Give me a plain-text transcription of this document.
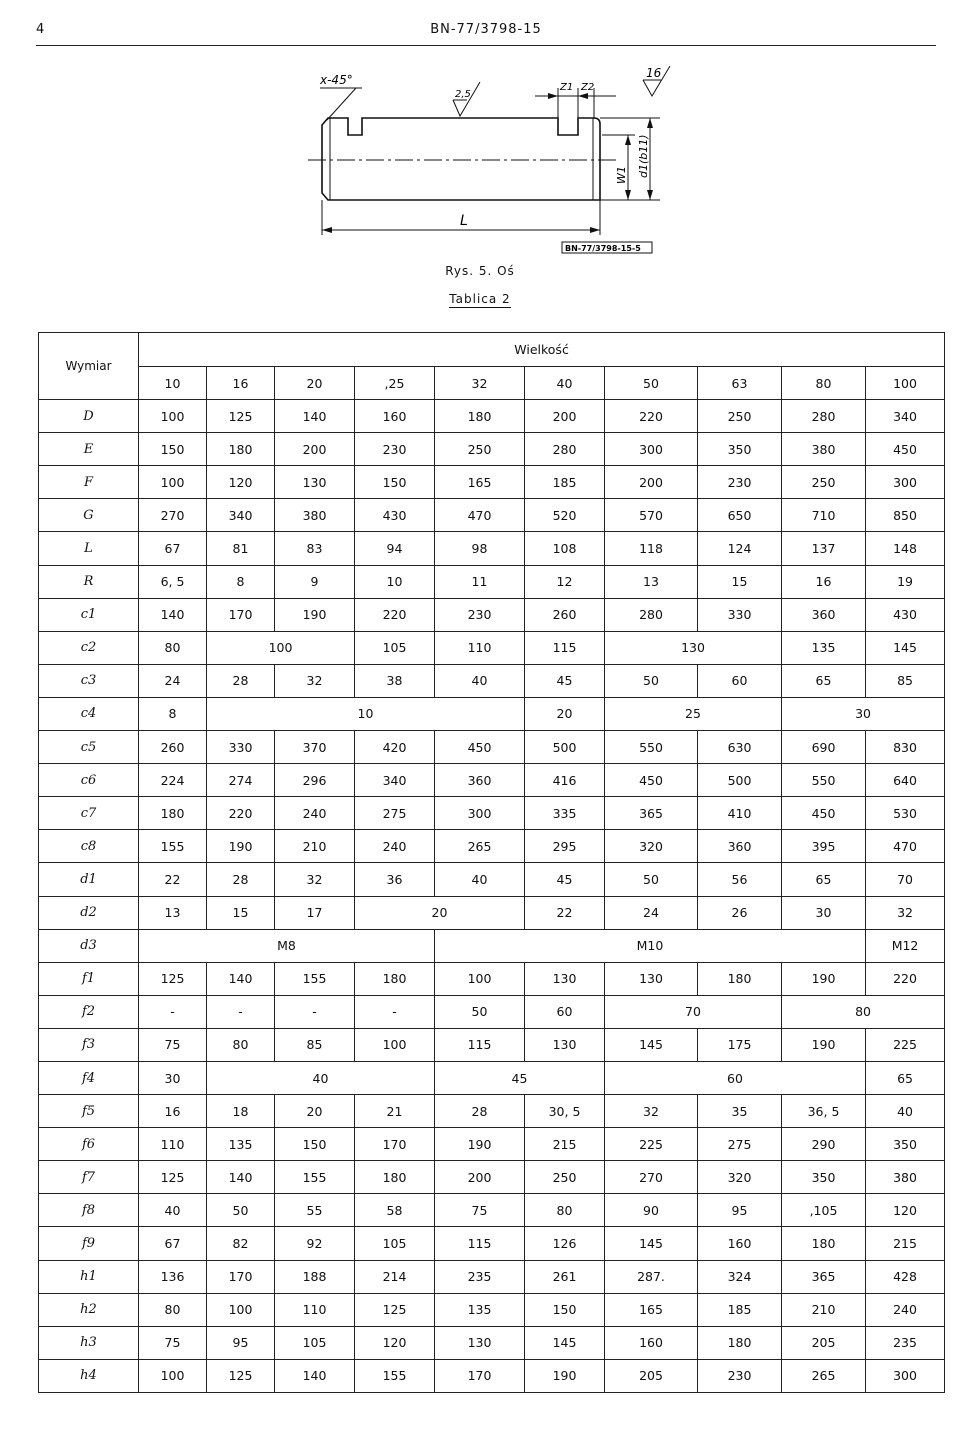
4	BN-77/3798-15
x-45°
2,5
16
Z1 Z2
W1 d1(b11)
L
BN-77/3798-15-5
Rys. 5. Oś
Tablica 2
Wymiar	Wielkość									
	10	16	20	,25	32	40	50	63	80	100
D	100	125	140	160	180	200	220	250	280	340
E	150	180	200	230	250	280	300	350	380	450
F	100	120	130	150	165	185	200	230	250	300
G	270	340	380	430	470	520	570	650	710	850
L	67	81	83	94	98	108	118	124	137	148
R	6, 5	8	9	10	11	12	13	15	16	19
c1	140	170	190	220	230	260	280	330	360	430
c2	80	100		105	110	115	130		135	145
c3	24	28	32	38	40	45	50	60	65	85
c4	8	10				20	25		30	
c5	260	330	370	420	450	500	550	630	690	830
c6	224	274	296	340	360	416	450	500	550	640
c7	180	220	240	275	300	335	365	410	450	530
c8	155	190	210	240	265	295	320	360	395	470
d1	22	28	32	36	40	45	50	56	65	70
d2	13	15	17	20		22	24	26	30	32
d3	M8				M10					M12
f1	125	140	155	180	100	130	130	180	190	220
f2	-	-	-	-	50	60	70		80	
f3	75	80	85	100	115	130	145	175	190	225
f4	30	40			45		60			65
f5	16	18	20	21	28	30, 5	32	35	36, 5	40
f6	110	135	150	170	190	215	225	275	290	350
f7	125	140	155	180	200	250	270	320	350	380
f8	40	50	55	58	75	80	90	95	,105	120
f9	67	82	92	105	115	126	145	160	180	215
h1	136	170	188	214	235	261	287.	324	365	428
h2	80	100	110	125	135	150	165	185	210	240
h3	75	95	105	120	130	145	160	180	205	235
h4	100	125	140	155	170	190	205	230	265	300
